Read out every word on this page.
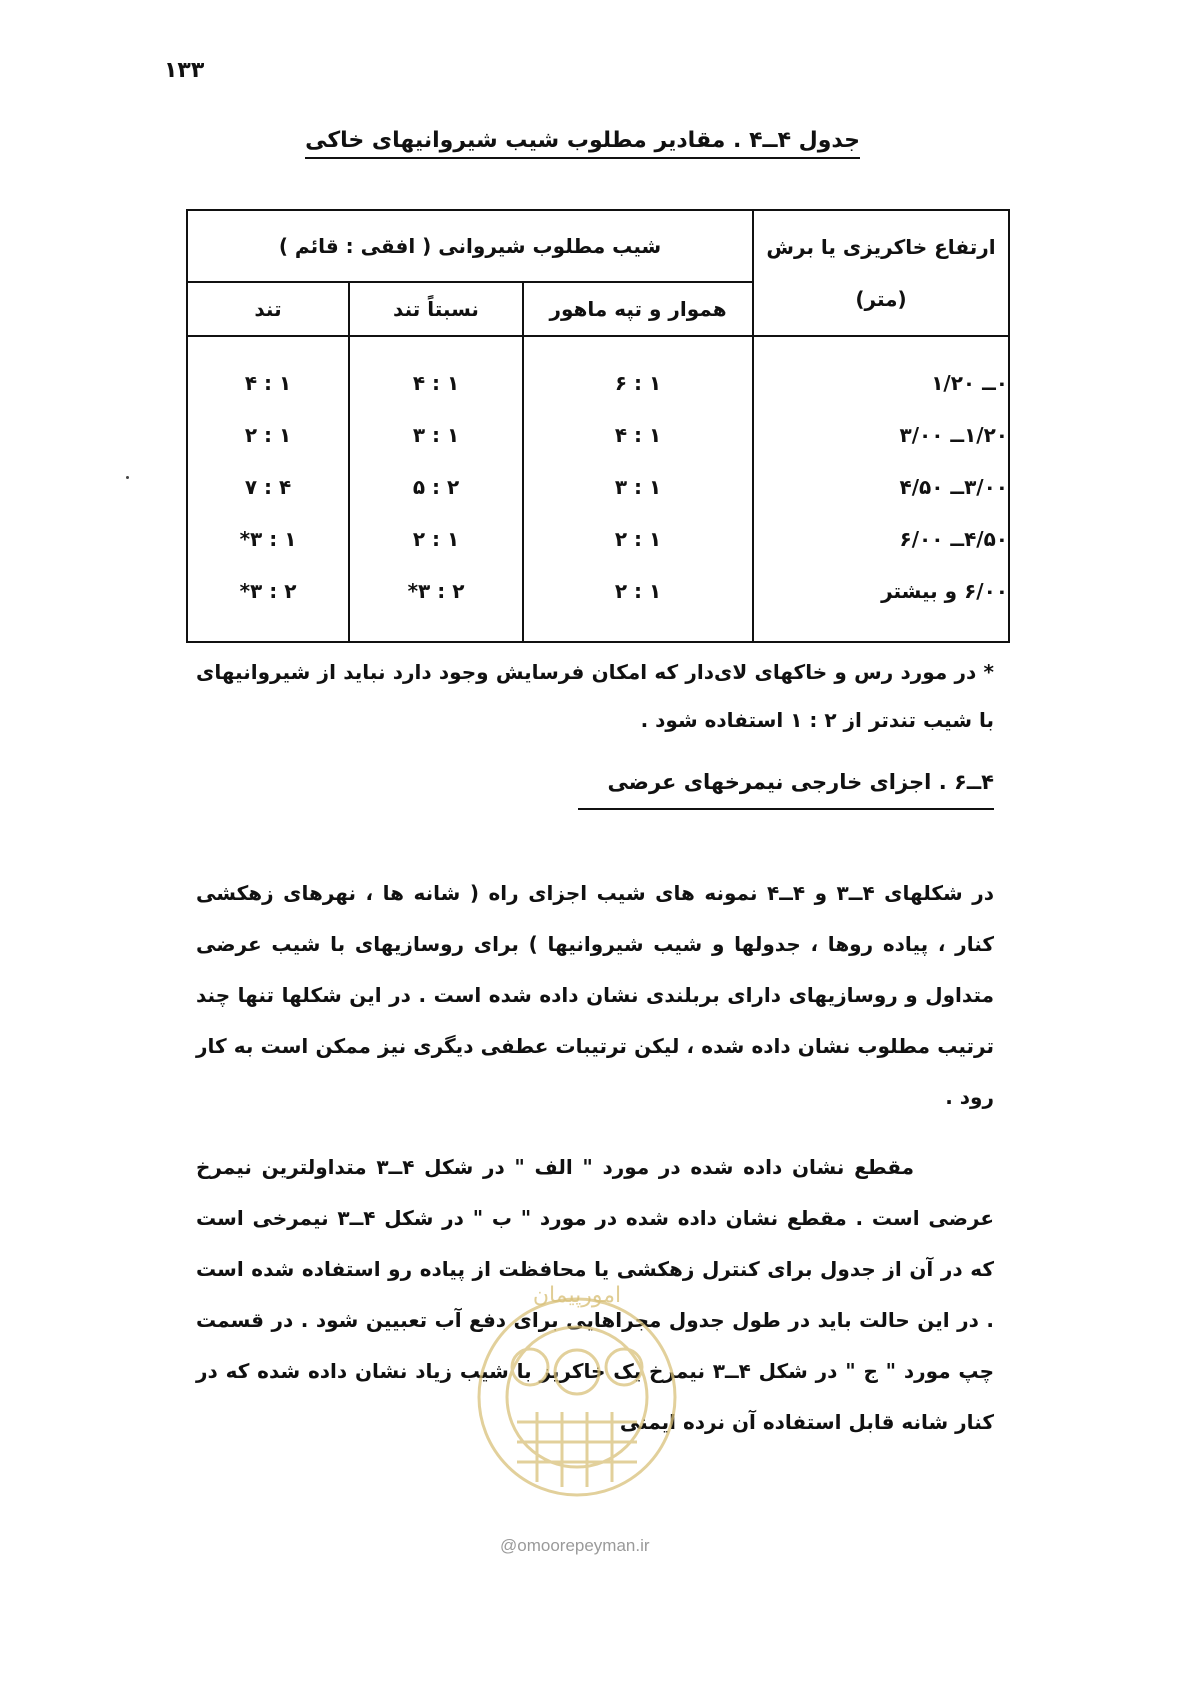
۱۳۳
جدول ۴ــ۴ . مقادیر مطلوب شیب شیروانیهای خاکی
ارتفاع خاکریزی یا برش (متر)	شیب مطلوب شیروانی ( افقی : قائم )		
	هموار و تپه ماهور	نسبتاً تند	تند
۰ــ ۱/۲۰	۱ : ۶	۱ : ۴	۱ : ۴
۱/۲۰ــ ۳/۰۰	۱ : ۴	۱ : ۳	۱ : ۲
۳/۰۰ــ ۴/۵۰	۱ : ۳	۲ : ۵	۴ : ۷
۴/۵۰ــ ۶/۰۰	۱ : ۲	۱ : ۲	۱ : ۳*
۶/۰۰ و بیشتر	۱ : ۲	۲ : ۳*	۲ : ۳*

* در مورد رس و خاکهای لای‌دار که امکان فرسایش وجود دارد نباید از شیروانیهای با شیب تندتر از ۲ : ۱ استفاده شود .
۴ــ۶ . اجزای خارجی نیمرخهای عرضی
در شکلهای ۴ــ۳ و ۴ــ۴ نمونه های شیب اجزای راه ( شانه ها ، نهرهای زهکشی کنار ، پیاده روها ، جدولها و شیب شیروانیها ) برای روسازیهای با شیب عرضی متداول و روسازیهای دارای بربلندی نشان داده شده است . در این شکلها تنها چند ترتیب مطلوب نشان داده شده ، لیکن ترتیبات عطفی دیگری نیز ممکن است به کار رود .
مقطع نشان داده شده در مورد " الف " در شکل ۴ــ۳ متداولترین نیمرخ عرضی است . مقطع نشان داده شده در مورد " ب " در شکل ۴ــ۳ نیمرخی است که در آن از جدول برای کنترل زهکشی یا محافظت از پیاده رو استفاده شده است . در این حالت باید در طول جدول مجراهایی برای دفع آب تعبیین شود . در قسمت چپ مورد " ج " در شکل ۴ــ۳ نیمرخ یک خاکریز با شیب زیاد نشان داده شده که در کنار شانه قابل استفاده آن نرده ایمنی
امورپیمان
@omoorepeyman.ir
